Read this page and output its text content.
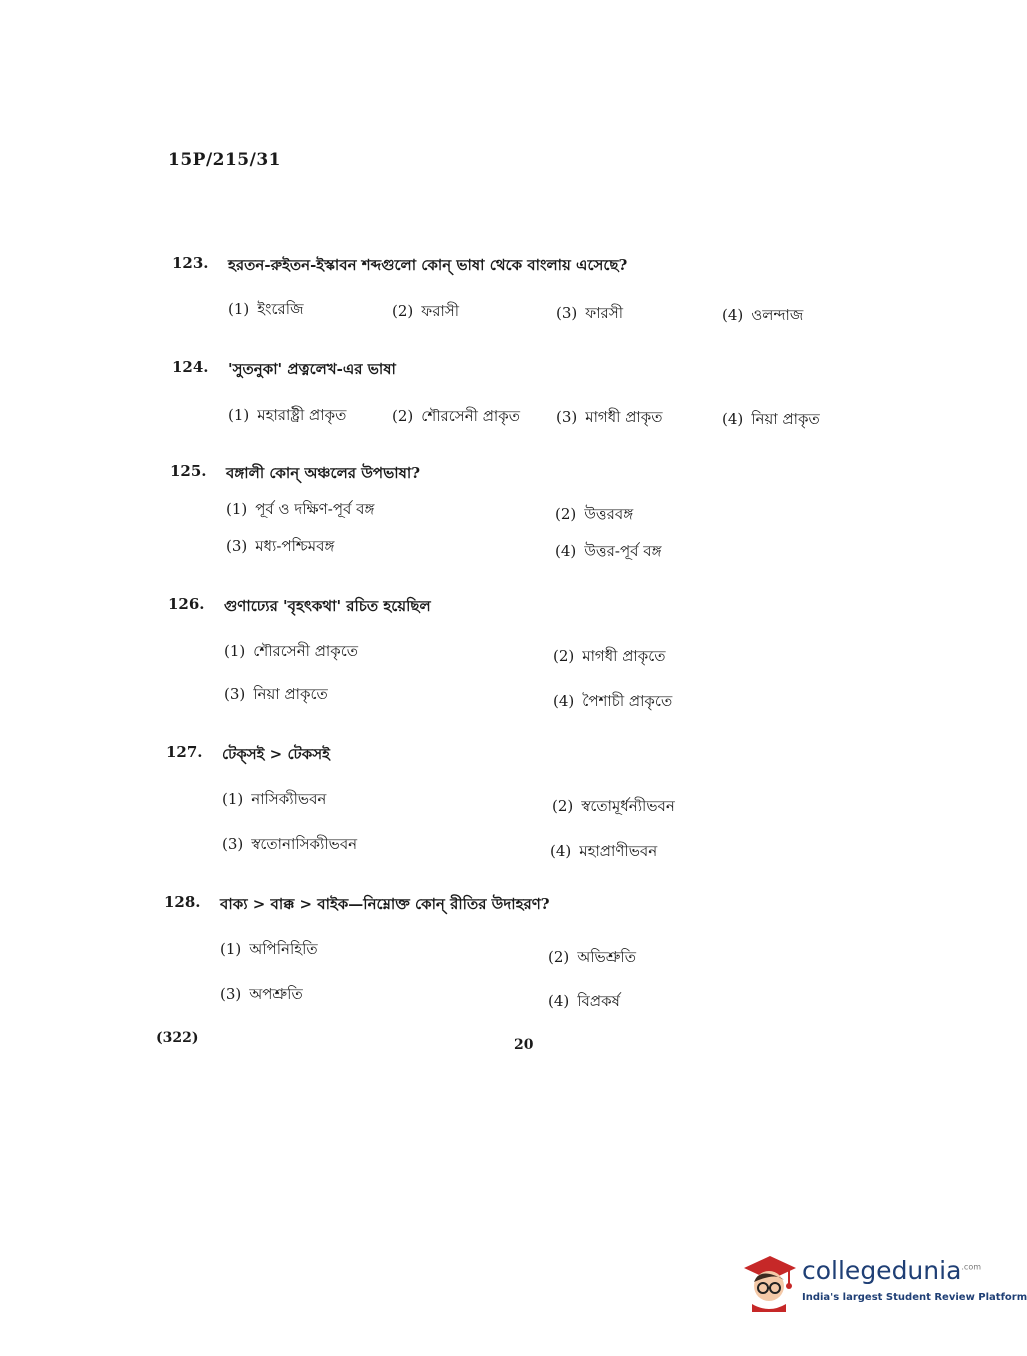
15P/215/31
123. হরতন-রুইতন-ইস্কাবন শব্দগুলো কোন্ ভাষা থেকে বাংলায় এসেছে?
(1) ইংরেজি	(2) ফরাসী	(3) ফারসী	(4) ওলন্দাজ
124. 'সুতনুকা' প্রত্নলেখ-এর ভাষা
(1) মহারাষ্ট্রী প্রাকৃত	(2) শৌরসেনী প্রাকৃত (3) মাগধী প্রাকৃত	(4) নিয়া প্রাকৃত
125. বঙ্গালী কোন্ অঞ্চলের উপভাষা?
(1) পূর্ব ও দক্ষিণ-পূর্ব বঙ্গ	(2) উত্তরবঙ্গ
(3) মধ্য-পশ্চিমবঙ্গ	(4) উত্তর-পূর্ব বঙ্গ
126. গুণাঢ্যের 'বৃহৎকথা' রচিত হয়েছিল
(1) শৌরসেনী প্রাকৃতে	(2) মাগধী প্রাকৃতে
(3) নিয়া প্রাকৃতে	(4) পৈশাচী প্রাকৃতে
127. টেক্‌সই > টেকসই
(1) নাসিক্যীভবন	(2) স্বতোমূর্ধন্যীভবন
(3) স্বতোনাসিক্যীভবন	(4) মহাপ্রাণীভবন
128. বাক্য > বাক্ক > বাইক—নিম্নোক্ত কোন্ রীতির উদাহরণ?
(1) অপিনিহিতি	(2) অভিশ্রুতি
(3) অপশ্রুতি	(4) বিপ্রকর্ষ
(322)	20
collegedunia$^{.com}$
India's largest Student Review Platform
